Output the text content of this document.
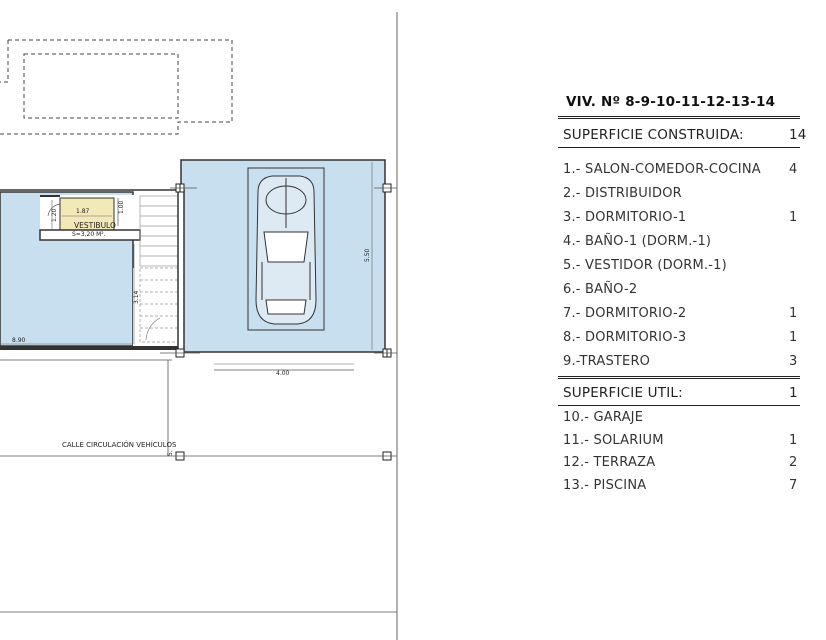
VESTIBULO
S=3,20 M².
CALLE CIRCULACIÓN VEHÍCULOS
1.87
1.20
1.00
3.14
8.90
5.50
4.00
5.
VIV. Nº 8-9-10-11-12-13-14
SUPERFICIE CONSTRUIDA:	14
1.- SALON-COMEDOR-COCINA 4
2.- DISTRIBUIDOR
3.- DORMITORIO-1	1
4.- BAÑO-1 (DORM.-1)
5.- VESTIDOR (DORM.-1)
6.- BAÑO-2
7.- DORMITORIO-2	1
8.- DORMITORIO-3	1
9.-TRASTERO	3
SUPERFICIE UTIL:	1
10.- GARAJE
11.- SOLARIUM	1
12.- TERRAZA	2
13.- PISCINA	7
